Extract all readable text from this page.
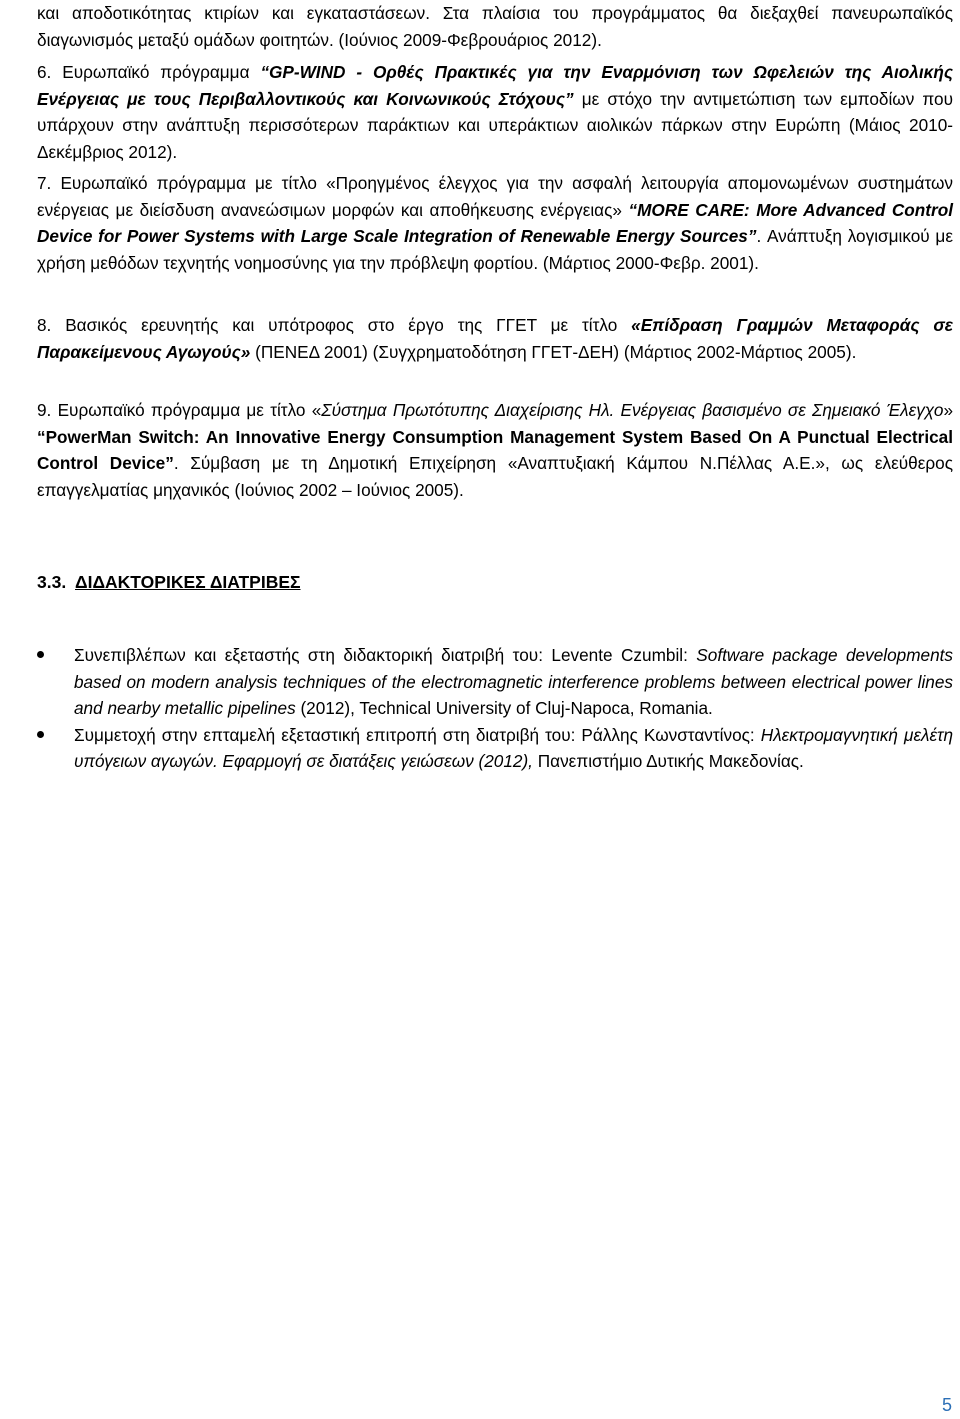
και αποδοτικότητας κτιρίων και εγκαταστάσεων. Στα πλαίσια του προγράμματος θα διεξαχθεί πανευρωπαϊκός διαγωνισμός μεταξύ ομάδων φοιτητών. (Ιούνιος 2009-Φεβρουάριος 2012).

6. Ευρωπαϊκό πρόγραμμα “GP-WIND - Ορθές Πρακτικές για την Εναρμόνιση των Ωφελειών της Αιολικής Ενέργειας με τους Περιβαλλοντικούς και Κοινωνικούς Στόχους” με στόχο την αντιμετώπιση των εμποδίων που υπάρχουν στην ανάπτυξη περισσότερων παράκτιων και υπεράκτιων αιολικών πάρκων στην Ευρώπη (Μάιος 2010-Δεκέμβριος 2012).

7. Ευρωπαϊκό πρόγραμμα με τίτλο «Προηγμένος έλεγχος για την ασφαλή λειτουργία απομονωμένων συστημάτων ενέργειας με διείσδυση ανανεώσιμων μορφών και αποθήκευσης ενέργειας» “MORE CARE: More Advanced Control Device for Power Systems with Large Scale Integration of Renewable Energy Sources”. Ανάπτυξη λογισμικού με χρήση μεθόδων τεχνητής νοημοσύνης για την πρόβλεψη φορτίου. (Μάρτιος 2000-Φεβρ. 2001).

8. Βασικός ερευνητής και υπότροφος στο έργο της ΓΓΕΤ με τίτλο «Επίδραση Γραμμών Μεταφοράς σε Παρακείμενους Αγωγούς» (ΠΕΝΕΔ 2001) (Συγχρηματοδότηση ΓΓΕΤ-ΔΕΗ) (Μάρτιος 2002-Μάρτιος 2005).

9. Ευρωπαϊκό πρόγραμμα με τίτλο «Σύστημα Πρωτότυπης Διαχείρισης Ηλ. Ενέργειας βασισμένο σε Σημειακό Έλεγχο» “PowerMan Switch: An Innovative Energy Consumption Management System Based On A Punctual Electrical Control Device”. Σύμβαση με τη Δημοτική Επιχείρηση «Αναπτυξιακή Κάμπου Ν.Πέλλας Α.Ε.», ως ελεύθερος επαγγελματίας μηχανικός (Ιούνιος 2002 – Ιούνιος 2005).

3.3. ΔΙΔΑΚΤΟΡΙΚΕΣ ΔΙΑΤΡΙΒΕΣ
Συνεπιβλέπων και εξεταστής στη διδακτορική διατριβή του: Levente Czumbil: Software package developments based on modern analysis techniques of the electromagnetic interference problems between electrical power lines and nearby metallic pipelines (2012), Technical University of Cluj-Napoca, Romania.
Συμμετοχή στην επταμελή εξεταστική επιτροπή στη διατριβή του: Ράλλης Κωνσταντίνος: Ηλεκτρομαγνητική μελέτη υπόγειων αγωγών. Εφαρμογή σε διατάξεις γειώσεων (2012), Πανεπιστήμιο Δυτικής Μακεδονίας.
5
